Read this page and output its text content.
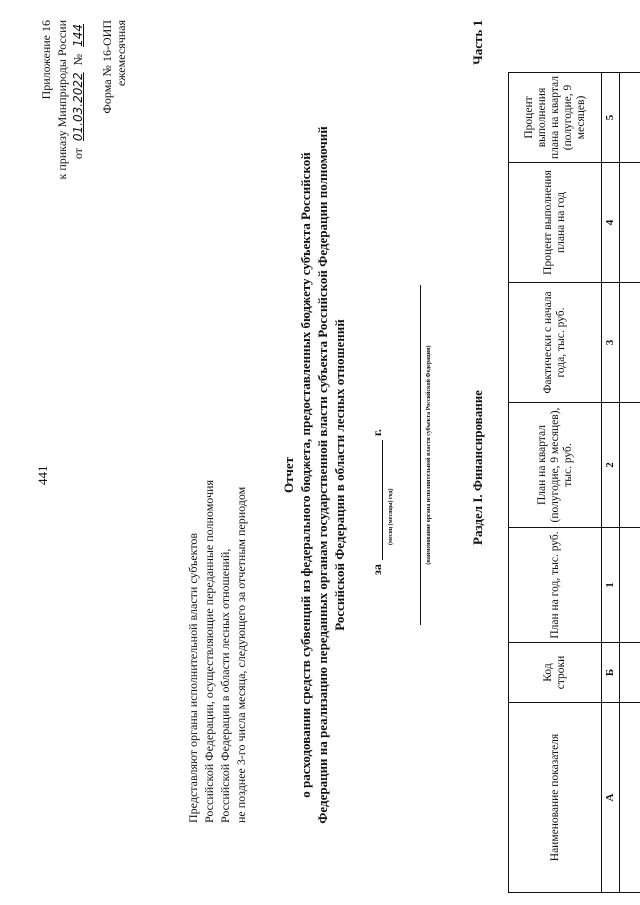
441
Приложение 16 к приказу Минприроды России от 01.03.2022 № 144 Форма № 16-ОИП ежемесячная
Представляют органы исполнительной власти субъектов Российской Федерации, осуществляющие переданные полномочия Российской Федерации в области лесных отношений, не позднее 3-го числа месяца, следующего за отчетным периодом
Отчет о расходовании средств субвенций из федерального бюджета, предоставленных бюджету субъекта Российской Федерации на реализацию переданных органам государственной власти субъекта Российской Федерации полномочий Российской Федерации в области лесных отношений заг.
(месяц (месяцы) год)	(наименование органа исполнительной власти субъекта Российской Федерации)	Раздел I. Финансирование
Часть 1
Наименование показателя	Код строки	План на год, тыс. руб.	План на квартал (полугодие, 9 месяцев), тыс. руб.	Фактически с начала года, тыс. руб.	Процент выполнения плана на год	Процент выполнения плана на квартал (полугодие, 9 месяцев)
А	Б	1	2	3	4	5
